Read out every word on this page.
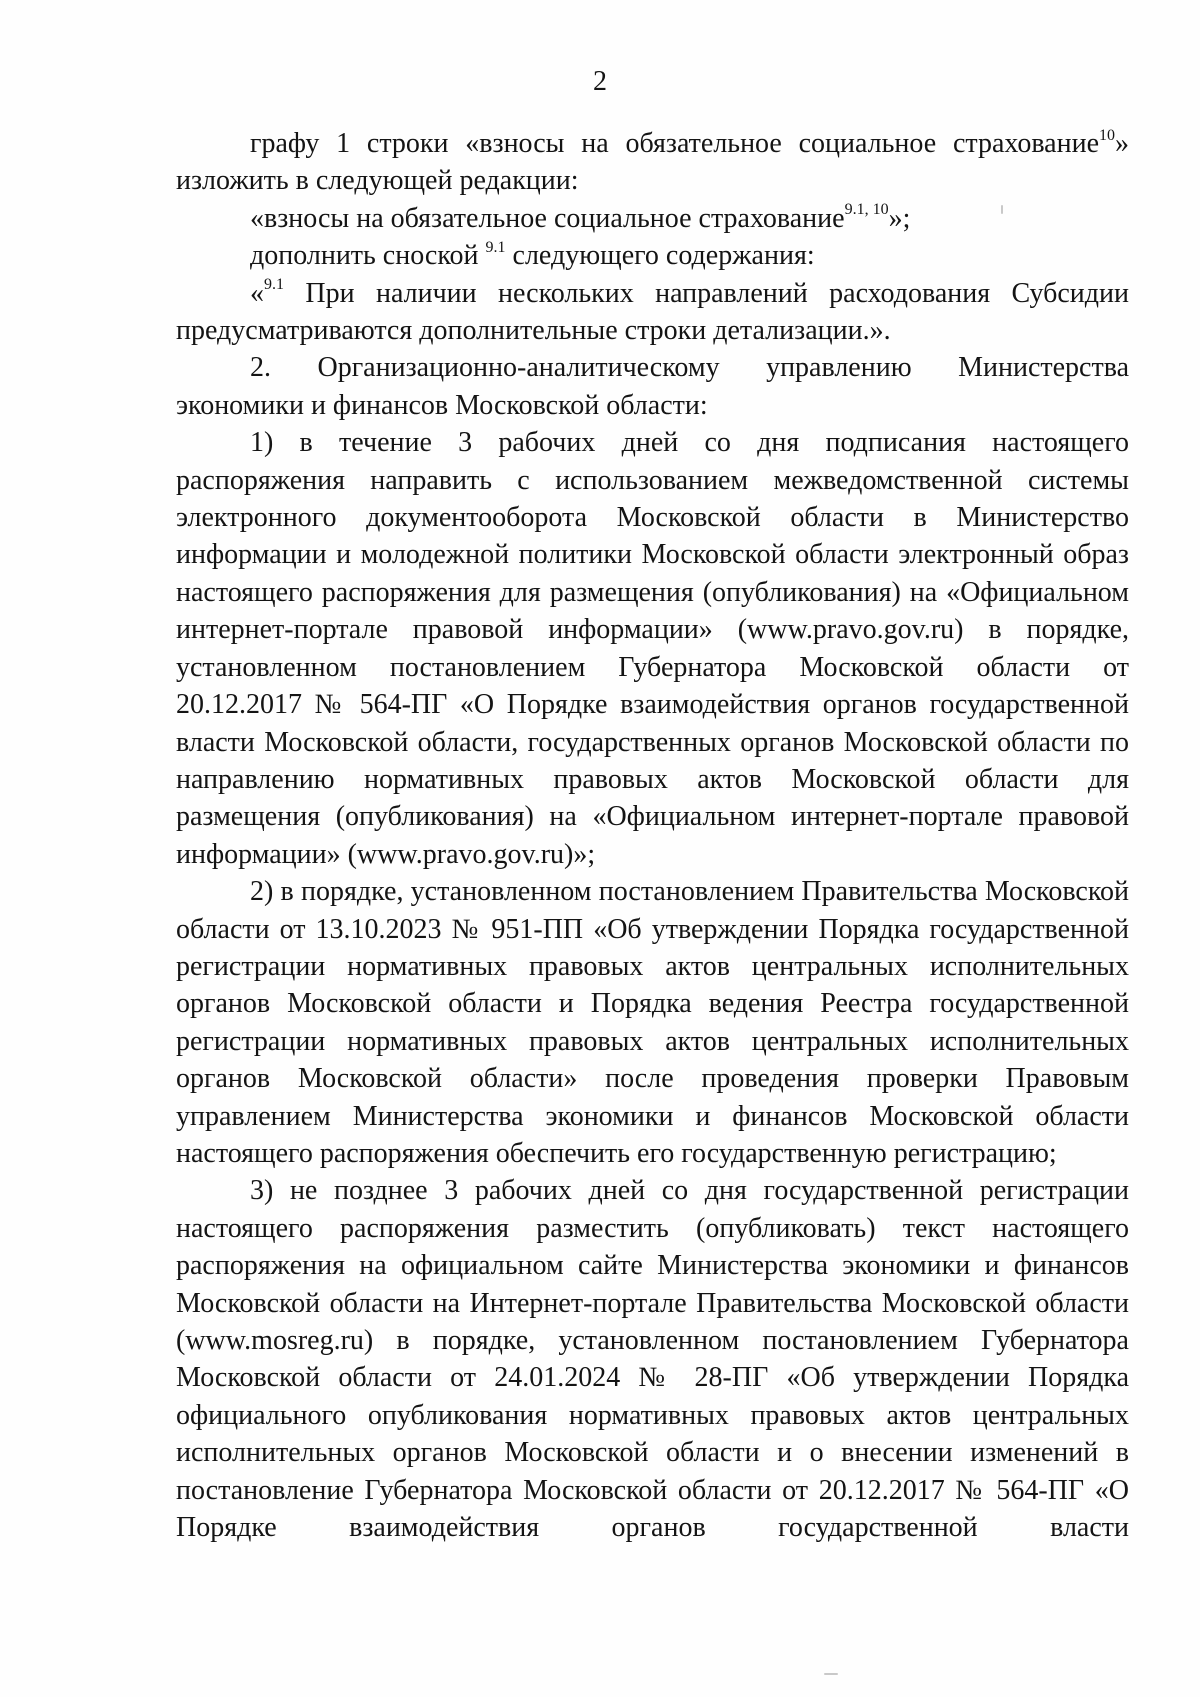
2

графу 1 строки «взносы на обязательное социальное страхование$^{10}$» изложить в следующей редакции:

«взносы на обязательное социальное страхование$^{9.1, 10}$»;

дополнить сноской $^{9.1}$ следующего содержания:

«$^{9.1}$ При наличии нескольких направлений расходования Субсидии предусматриваются дополнительные строки детализации.».

2. Организационно-аналитическому управлению Министерства экономики и финансов Московской области:

1) в течение 3 рабочих дней со дня подписания настоящего распоряжения направить с использованием межведомственной системы электронного документооборота Московской области в Министерство информации и молодежной политики Московской области электронный образ настоящего распоряжения для размещения (опубликования) на «Официальном интернет-портале правовой информации» (www.pravo.gov.ru) в порядке, установленном постановлением Губернатора Московской области от 20.12.2017 № 564-ПГ «О Порядке взаимодействия органов государственной власти Московской области, государственных органов Московской области по направлению нормативных правовых актов Московской области для размещения (опубликования) на «Официальном интернет-портале правовой информации» (www.pravo.gov.ru)»;

2) в порядке, установленном постановлением Правительства Московской области от 13.10.2023 № 951-ПП «Об утверждении Порядка государственной регистрации нормативных правовых актов центральных исполнительных органов Московской области и Порядка ведения Реестра государственной регистрации нормативных правовых актов центральных исполнительных органов Московской области» после проведения проверки Правовым управлением Министерства экономики и финансов Московской области настоящего распоряжения обеспечить его государственную регистрацию;

3) не позднее 3 рабочих дней со дня государственной регистрации настоящего распоряжения разместить (опубликовать) текст настоящего распоряжения на официальном сайте Министерства экономики и финансов Московской области на Интернет-портале Правительства Московской области (www.mosreg.ru) в порядке, установленном постановлением Губернатора Московской области от 24.01.2024 № 28-ПГ «Об утверждении Порядка официального опубликования нормативных правовых актов центральных исполнительных органов Московской области и о внесении изменений в постановление Губернатора Московской области от 20.12.2017 № 564-ПГ «О Порядке взаимодействия органов государственной власти
